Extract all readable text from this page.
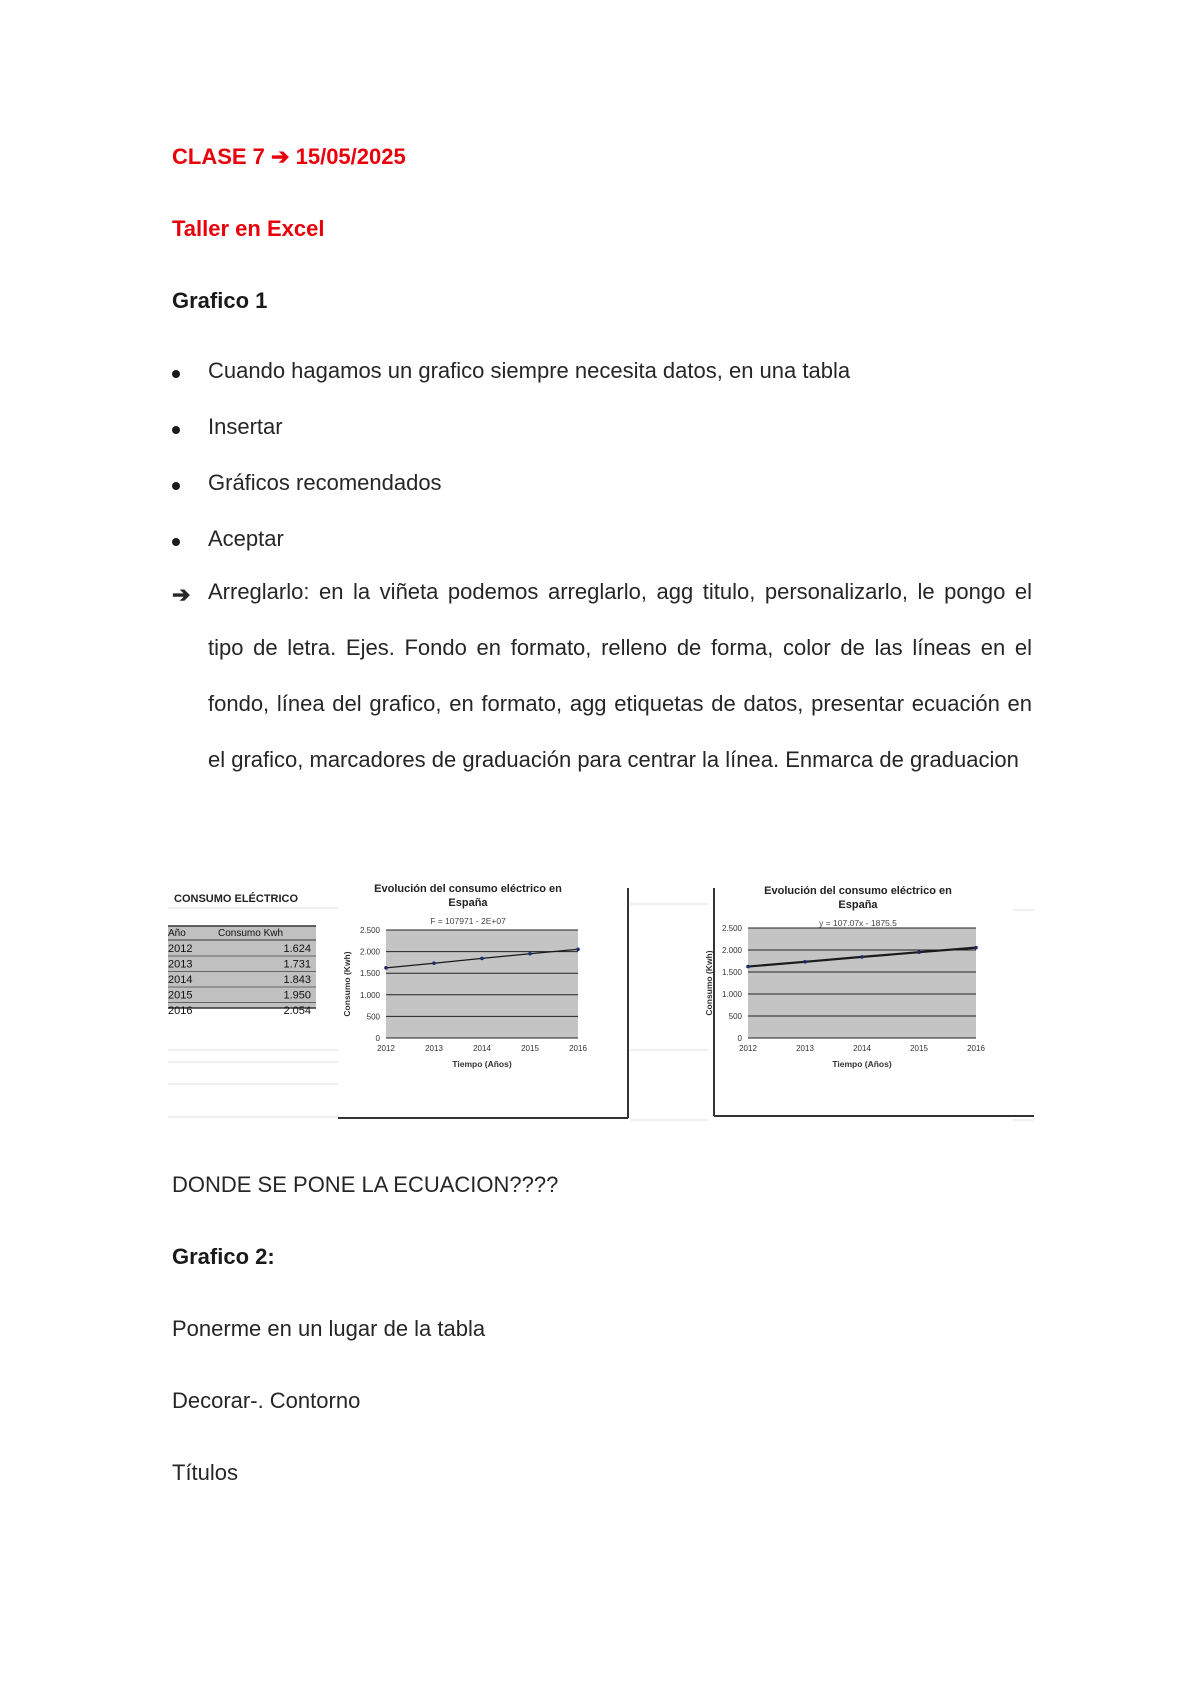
CLASE 7 ➔ 15/05/2025
Taller en Excel
Grafico 1
Cuando hagamos un grafico siempre necesita datos, en una tabla
Insertar
Gráficos recomendados
Aceptar
➔ Arreglarlo: en la viñeta podemos arreglarlo, agg titulo, personalizarlo, le pongo el tipo de letra. Ejes. Fondo en formato, relleno de forma, color de las líneas en el fondo, línea del grafico, en formato, agg etiquetas de datos, presentar ecuación en el grafico, marcadores de graduación para centrar la línea. Enmarca de graduacion
CONSUMO ELÉCTRICO
Año	Consumo Kwh
2012	1.624
2013	1.731
2014	1.843
2015	1.950
2016	2.054
Evolución del consumo eléctrico en
España
F = 107971 - 2E+07
0
500
1.000
1.500
2.000
2.500
2012	2013	2014	2015	2016
Tiempo (Años)
Consumo (Kwh)
Evolución del consumo eléctrico en
España
y = 107.07x - 1875.5
0
500
1.000
1.500
2.000
2.500
2012	2013	2014	2015	2016
Tiempo (Años)
Consumo (Kwh)
DONDE SE PONE LA ECUACION????
Grafico 2:
Ponerme en un lugar de la tabla
Decorar-. Contorno
Títulos
